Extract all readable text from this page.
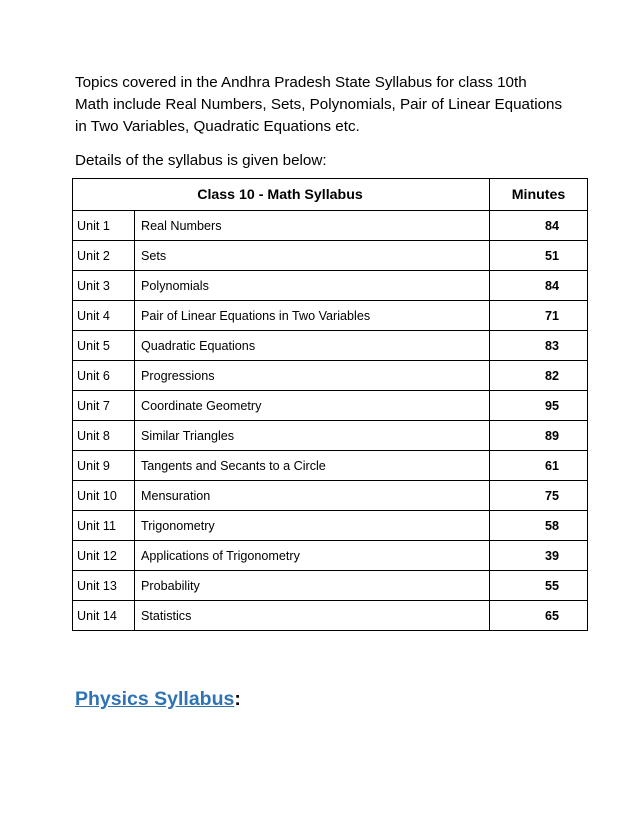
Topics covered in the Andhra Pradesh State Syllabus for class 10th
Math include Real Numbers, Sets, Polynomials, Pair of Linear Equations
in Two Variables, Quadratic Equations etc.

Details of the syllabus is given below:

Class 10 - Math Syllabus		Minutes
Unit 1	Real Numbers	84
Unit 2	Sets	51
Unit 3	Polynomials	84
Unit 4	Pair of Linear Equations in Two Variables	71
Unit 5	Quadratic Equations	83
Unit 6	Progressions	82
Unit 7	Coordinate Geometry	95
Unit 8	Similar Triangles	89
Unit 9	Tangents and Secants to a Circle	61
Unit 10	Mensuration	75
Unit 11	Trigonometry	58
Unit 12	Applications of Trigonometry	39
Unit 13	Probability	55
Unit 14	Statistics	65

Physics Syllabus:
